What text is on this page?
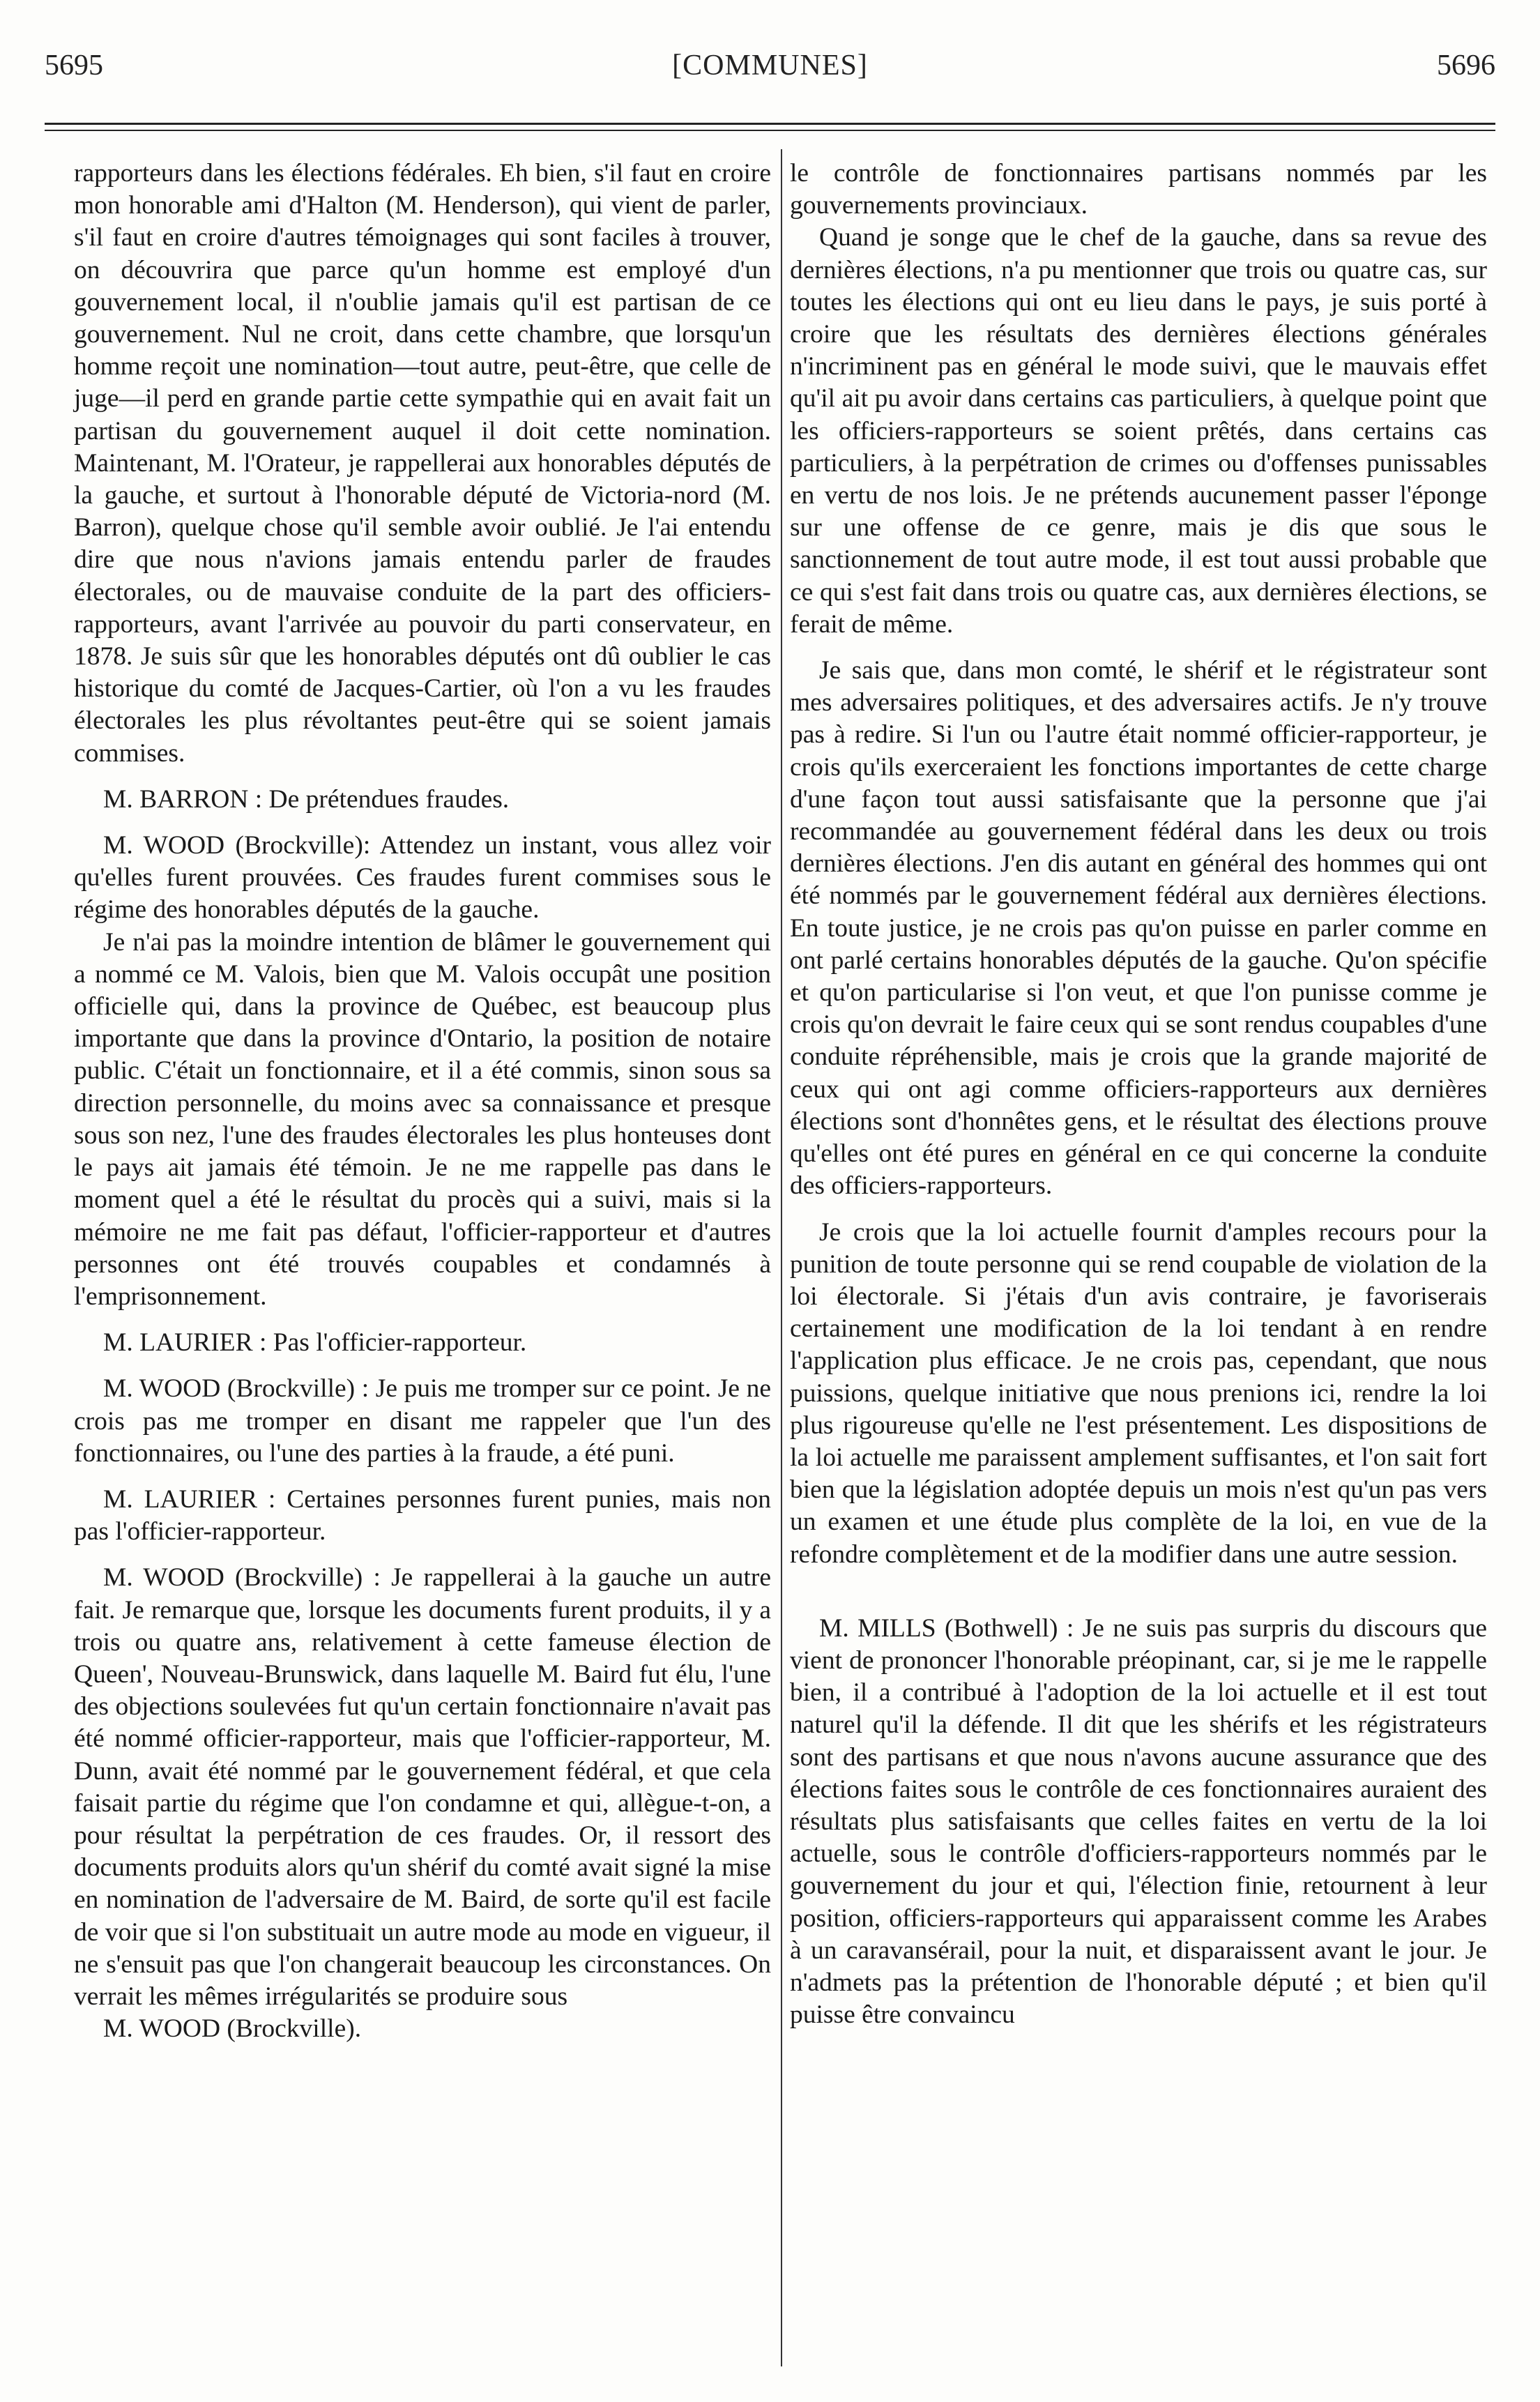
[COMMUNES]
5695	5696

rapporteurs dans les élections fédérales. Eh bien, s'il faut en croire mon honorable ami d'Halton (M. Henderson), qui vient de parler, s'il faut en croire d'autres témoignages qui sont faciles à trouver, on découvrira que parce qu'un homme est employé d'un gouvernement local, il n'oublie jamais qu'il est partisan de ce gouvernement. Nul ne croit, dans cette chambre, que lorsqu'un homme reçoit une nomination—tout autre, peut-être, que celle de juge—il perd en grande partie cette sympathie qui en avait fait un partisan du gouvernement auquel il doit cette nomination. Maintenant, M. l'Orateur, je rappellerai aux honorables députés de la gauche, et surtout à l'honorable député de Victoria-nord (M. Barron), quelque chose qu'il semble avoir oublié. Je l'ai entendu dire que nous n'avions jamais entendu parler de fraudes électorales, ou de mauvaise conduite de la part des officiers-rapporteurs, avant l'arrivée au pouvoir du parti conservateur, en 1878. Je suis sûr que les honorables députés ont dû oublier le cas historique du comté de Jacques-Cartier, où l'on a vu les fraudes électorales les plus révoltantes peut-être qui se soient jamais commises.

M. BARRON : De prétendues fraudes.

M. WOOD (Brockville): Attendez un instant, vous allez voir qu'elles furent prouvées. Ces fraudes furent commises sous le régime des honorables députés de la gauche.

Je n'ai pas la moindre intention de blâmer le gouvernement qui a nommé ce M. Valois, bien que M. Valois occupât une position officielle qui, dans la province de Québec, est beaucoup plus importante que dans la province d'Ontario, la position de notaire public. C'était un fonctionnaire, et il a été commis, sinon sous sa direction personnelle, du moins avec sa connaissance et presque sous son nez, l'une des fraudes électorales les plus honteuses dont le pays ait jamais été témoin. Je ne me rappelle pas dans le moment quel a été le résultat du procès qui a suivi, mais si la mémoire ne me fait pas défaut, l'officier-rapporteur et d'autres personnes ont été trouvés coupables et condamnés à l'emprisonnement.

M. LAURIER : Pas l'officier-rapporteur.

M. WOOD (Brockville) : Je puis me tromper sur ce point. Je ne crois pas me tromper en disant me rappeler que l'un des fonctionnaires, ou l'une des parties à la fraude, a été puni.

M. LAURIER : Certaines personnes furent punies, mais non pas l'officier-rapporteur.

M. WOOD (Brockville) : Je rappellerai à la gauche un autre fait. Je remarque que, lorsque les documents furent produits, il y a trois ou quatre ans, relativement à cette fameuse élection de Queen', Nouveau-Brunswick, dans laquelle M. Baird fut élu, l'une des objections soulevées fut qu'un certain fonctionnaire n'avait pas été nommé officier-rapporteur, mais que l'officier-rapporteur, M. Dunn, avait été nommé par le gouvernement fédéral, et que cela faisait partie du régime que l'on condamne et qui, allègue-t-on, a pour résultat la perpétration de ces fraudes. Or, il ressort des documents produits alors qu'un shérif du comté avait signé la mise en nomination de l'adversaire de M. Baird, de sorte qu'il est facile de voir que si l'on substituait un autre mode au mode en vigueur, il ne s'ensuit pas que l'on changerait beaucoup les circonstances. On verrait les mêmes irrégularités se produire sous

M. WOOD (Brockville).

le contrôle de fonctionnaires partisans nommés par les gouvernements provinciaux.

Quand je songe que le chef de la gauche, dans sa revue des dernières élections, n'a pu mentionner que trois ou quatre cas, sur toutes les élections qui ont eu lieu dans le pays, je suis porté à croire que les résultats des dernières élections générales n'incriminent pas en général le mode suivi, que le mauvais effet qu'il ait pu avoir dans certains cas particuliers, à quelque point que les officiers-rapporteurs se soient prêtés, dans certains cas particuliers, à la perpétration de crimes ou d'offenses punissables en vertu de nos lois. Je ne prétends aucunement passer l'éponge sur une offense de ce genre, mais je dis que sous le sanctionnement de tout autre mode, il est tout aussi probable que ce qui s'est fait dans trois ou quatre cas, aux dernières élections, se ferait de même.

Je sais que, dans mon comté, le shérif et le régistrateur sont mes adversaires politiques, et des adversaires actifs. Je n'y trouve pas à redire. Si l'un ou l'autre était nommé officier-rapporteur, je crois qu'ils exerceraient les fonctions importantes de cette charge d'une façon tout aussi satisfaisante que la personne que j'ai recommandée au gouvernement fédéral dans les deux ou trois dernières élections. J'en dis autant en général des hommes qui ont été nommés par le gouvernement fédéral aux dernières élections. En toute justice, je ne crois pas qu'on puisse en parler comme en ont parlé certains honorables députés de la gauche. Qu'on spécifie et qu'on particularise si l'on veut, et que l'on punisse comme je crois qu'on devrait le faire ceux qui se sont rendus coupables d'une conduite répréhensible, mais je crois que la grande majorité de ceux qui ont agi comme officiers-rapporteurs aux dernières élections sont d'honnêtes gens, et le résultat des élections prouve qu'elles ont été pures en général en ce qui concerne la conduite des officiers-rapporteurs.

Je crois que la loi actuelle fournit d'amples recours pour la punition de toute personne qui se rend coupable de violation de la loi électorale. Si j'étais d'un avis contraire, je favoriserais certainement une modification de la loi tendant à en rendre l'application plus efficace. Je ne crois pas, cependant, que nous puissions, quelque initiative que nous prenions ici, rendre la loi plus rigoureuse qu'elle ne l'est présentement. Les dispositions de la loi actuelle me paraissent amplement suffisantes, et l'on sait fort bien que la législation adoptée depuis un mois n'est qu'un pas vers un examen et une étude plus complète de la loi, en vue de la refondre complètement et de la modifier dans une autre session.

M. MILLS (Bothwell) : Je ne suis pas surpris du discours que vient de prononcer l'honorable préopinant, car, si je me le rappelle bien, il a contribué à l'adoption de la loi actuelle et il est tout naturel qu'il la défende. Il dit que les shérifs et les régistrateurs sont des partisans et que nous n'avons aucune assurance que des élections faites sous le contrôle de ces fonctionnaires auraient des résultats plus satisfaisants que celles faites en vertu de la loi actuelle, sous le contrôle d'officiers-rapporteurs nommés par le gouvernement du jour et qui, l'élection finie, retournent à leur position, officiers-rapporteurs qui apparaissent comme les Arabes à un caravansérail, pour la nuit, et disparaissent avant le jour. Je n'admets pas la prétention de l'honorable député ; et bien qu'il puisse être convaincu
